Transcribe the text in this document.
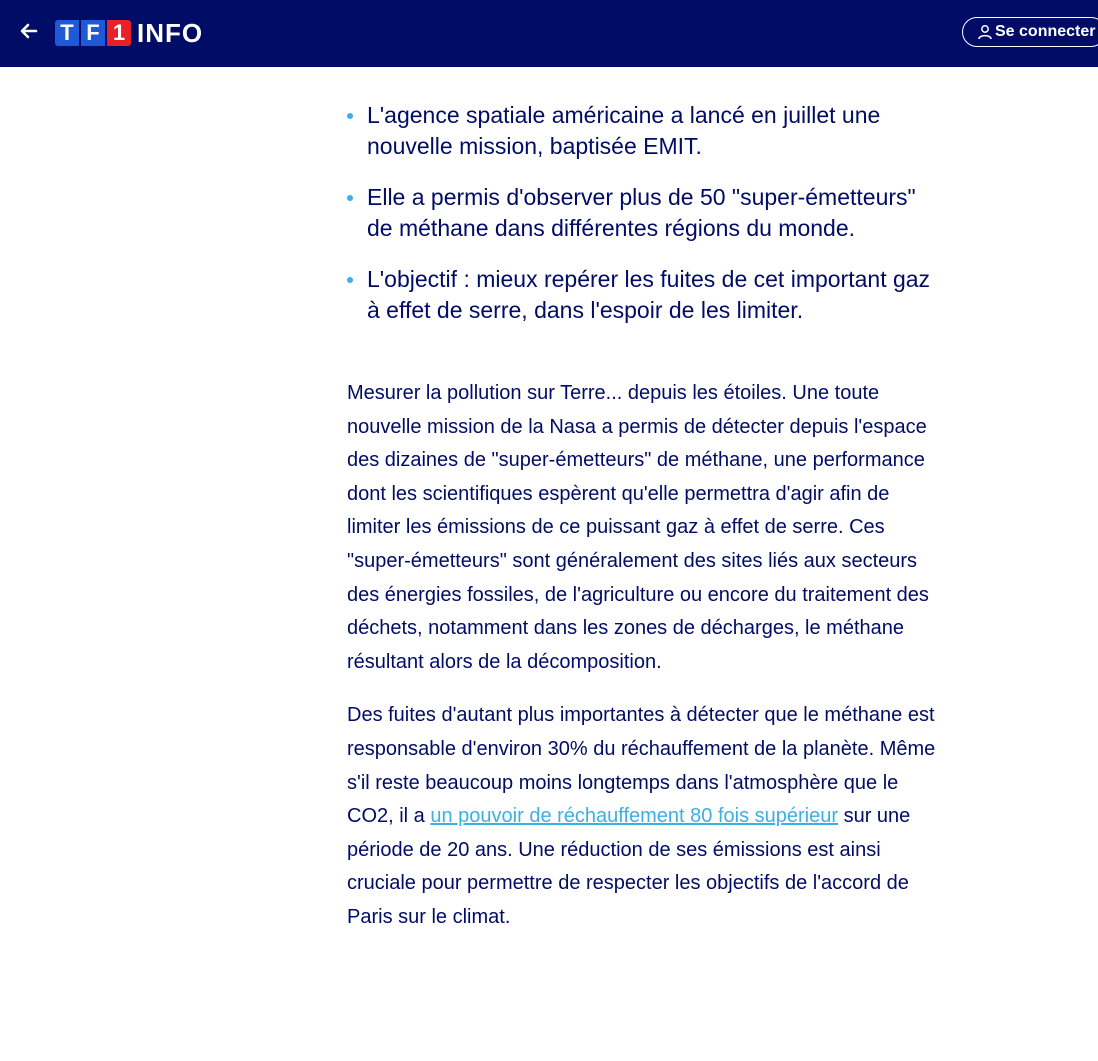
T F 1 INFO	Se connecter
L'agence spatiale américaine a lancé en juillet une nouvelle mission, baptisée EMIT.
Elle a permis d'observer plus de 50 "super-émetteurs" de méthane dans différentes régions du monde.
L'objectif : mieux repérer les fuites de cet important gaz à effet de serre, dans l'espoir de les limiter.

Mesurer la pollution sur Terre... depuis les étoiles. Une toute nouvelle mission de la Nasa a permis de détecter depuis l'espace des dizaines de "super-émetteurs" de méthane, une performance dont les scientifiques espèrent qu'elle permettra d'agir afin de limiter les émissions de ce puissant gaz à effet de serre. Ces "super-émetteurs" sont généralement des sites liés aux secteurs des énergies fossiles, de l'agriculture ou encore du traitement des déchets, notamment dans les zones de décharges, le méthane résultant alors de la décomposition.

Des fuites d'autant plus importantes à détecter que le méthane est responsable d'environ 30% du réchauffement de la planète. Même s'il reste beaucoup moins longtemps dans l'atmosphère que le CO2, il a un pouvoir de réchauffement 80 fois supérieur sur une période de 20 ans. Une réduction de ses émissions est ainsi cruciale pour permettre de respecter les objectifs de l'accord de Paris sur le climat.
